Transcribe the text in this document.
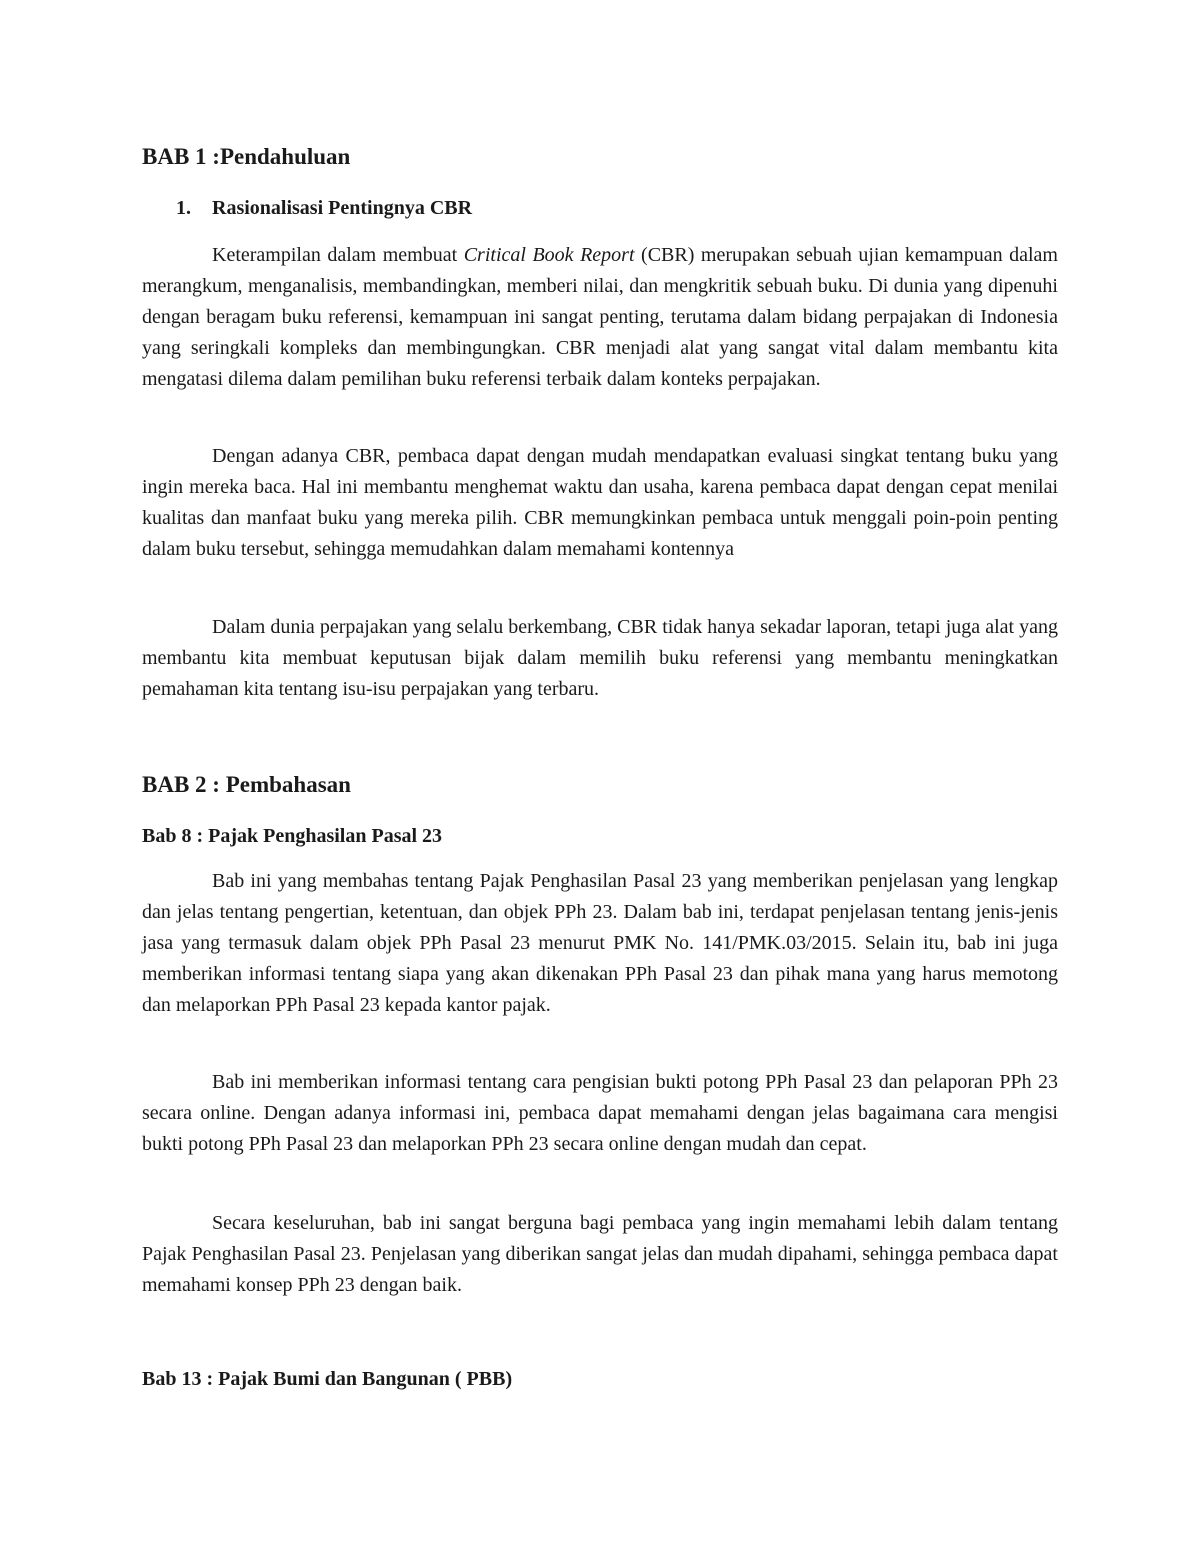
BAB 1 :Pendahuluan
1. Rasionalisasi Pentingnya CBR

Keterampilan dalam membuat Critical Book Report (CBR) merupakan sebuah ujian kemampuan dalam merangkum, menganalisis, membandingkan, memberi nilai, dan mengkritik sebuah buku. Di dunia yang dipenuhi dengan beragam buku referensi, kemampuan ini sangat penting, terutama dalam bidang perpajakan di Indonesia yang seringkali kompleks dan membingungkan. CBR menjadi alat yang sangat vital dalam membantu kita mengatasi dilema dalam pemilihan buku referensi terbaik dalam konteks perpajakan.

Dengan adanya CBR, pembaca dapat dengan mudah mendapatkan evaluasi singkat tentang buku yang ingin mereka baca. Hal ini membantu menghemat waktu dan usaha, karena pembaca dapat dengan cepat menilai kualitas dan manfaat buku yang mereka pilih. CBR memungkinkan pembaca untuk menggali poin-poin penting dalam buku tersebut, sehingga memudahkan dalam memahami kontennya

Dalam dunia perpajakan yang selalu berkembang, CBR tidak hanya sekadar laporan, tetapi juga alat yang membantu kita membuat keputusan bijak dalam memilih buku referensi yang membantu meningkatkan pemahaman kita tentang isu-isu perpajakan yang terbaru.

BAB 2 : Pembahasan
Bab 8 : Pajak Penghasilan Pasal 23

Bab ini yang membahas tentang Pajak Penghasilan Pasal 23 yang memberikan penjelasan yang lengkap dan jelas tentang pengertian, ketentuan, dan objek PPh 23. Dalam bab ini, terdapat penjelasan tentang jenis-jenis jasa yang termasuk dalam objek PPh Pasal 23 menurut PMK No. 141/PMK.03/2015. Selain itu, bab ini juga memberikan informasi tentang siapa yang akan dikenakan PPh Pasal 23 dan pihak mana yang harus memotong dan melaporkan PPh Pasal 23 kepada kantor pajak.

Bab ini memberikan informasi tentang cara pengisian bukti potong PPh Pasal 23 dan pelaporan PPh 23 secara online. Dengan adanya informasi ini, pembaca dapat memahami dengan jelas bagaimana cara mengisi bukti potong PPh Pasal 23 dan melaporkan PPh 23 secara online dengan mudah dan cepat.

Secara keseluruhan, bab ini sangat berguna bagi pembaca yang ingin memahami lebih dalam tentang Pajak Penghasilan Pasal 23. Penjelasan yang diberikan sangat jelas dan mudah dipahami, sehingga pembaca dapat memahami konsep PPh 23 dengan baik.

Bab 13 : Pajak Bumi dan Bangunan ( PBB)
